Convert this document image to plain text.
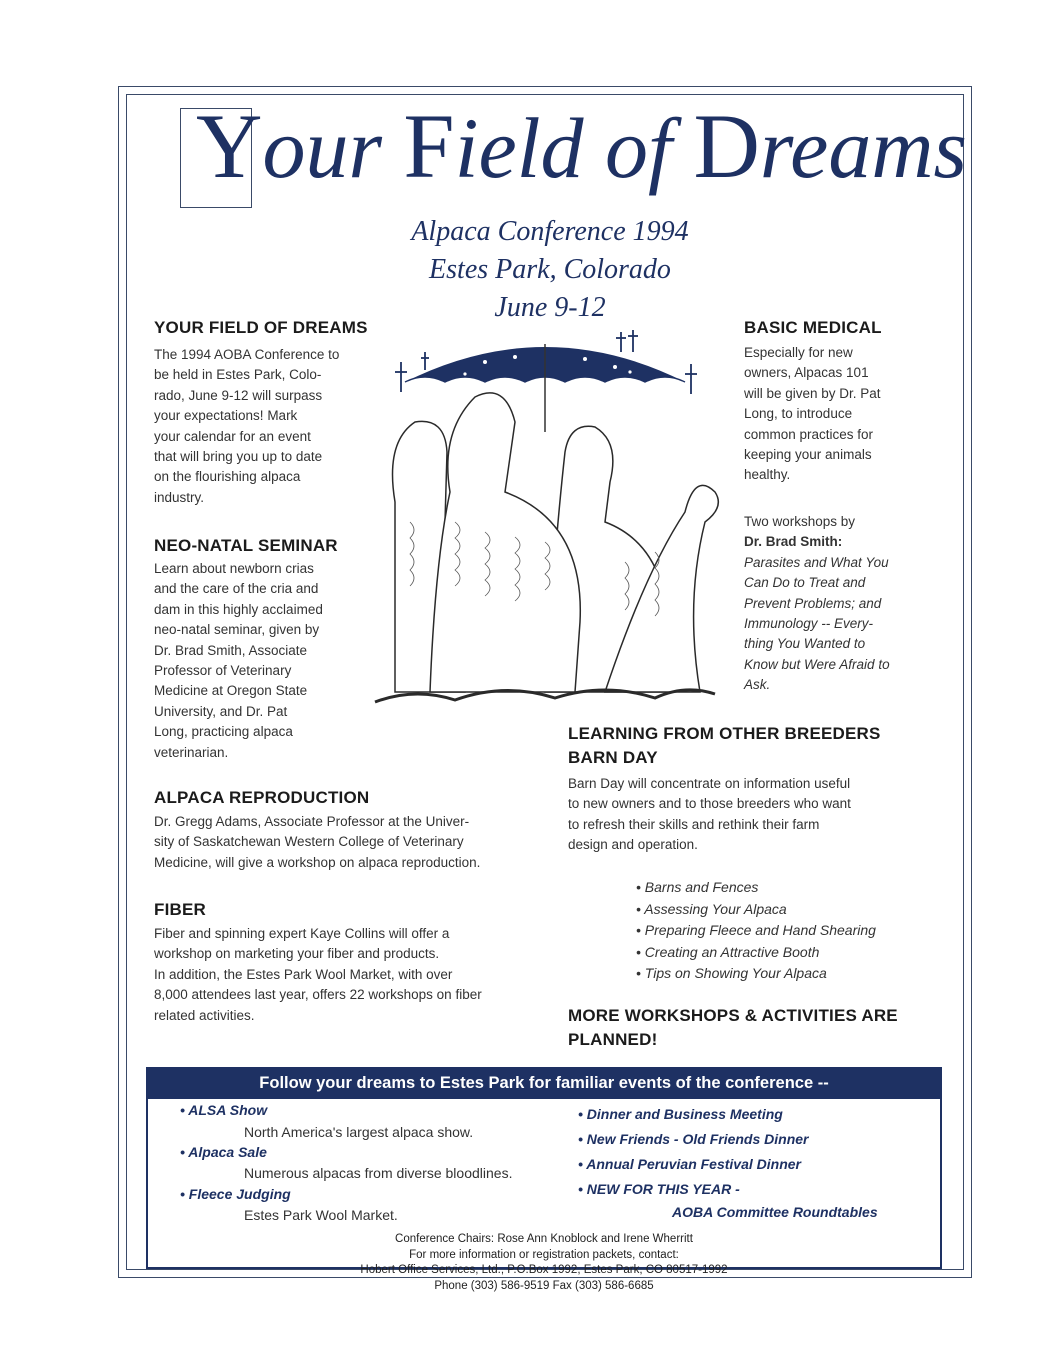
Your Field of Dreams
Alpaca Conference 1994
Estes Park, Colorado
June 9-12
YOUR FIELD OF DREAMS
The 1994 AOBA Conference to
be held in Estes Park, Colo-
rado, June 9-12 will surpass
your expectations! Mark
your calendar for an event
that will bring you up to date
on the flourishing alpaca
industry.
NEO-NATAL SEMINAR
Learn about newborn crias
and the care of the cria and
dam in this highly acclaimed
neo-natal seminar, given by
Dr. Brad Smith, Associate
Professor of Veterinary
Medicine at Oregon State
University, and Dr. Pat
Long, practicing alpaca
veterinarian.
ALPACA REPRODUCTION
Dr. Gregg Adams, Associate Professor at the Univer-
sity of Saskatchewan Western College of Veterinary
Medicine, will give a workshop on alpaca reproduction.
FIBER
Fiber and spinning expert Kaye Collins will offer a
workshop on marketing your fiber and products.
In addition, the Estes Park Wool Market, with over
8,000 attendees last year, offers 22 workshops on fiber
related activities.
BASIC MEDICAL
Especially for new
owners, Alpacas 101
will be given by Dr. Pat
Long, to introduce
common practices for
keeping your animals
healthy.
Two workshops by
Dr. Brad Smith:
Parasites and What You
Can Do to Treat and
Prevent Problems; and
Immunology -- Every-
thing You Wanted to
Know but Were Afraid to
Ask.
LEARNING FROM OTHER BREEDERS
BARN DAY
Barn Day will concentrate on information useful
to new owners and to those breeders who want
to refresh their skills and rethink their farm
design and operation.
• Barns and Fences
• Assessing Your Alpaca
• Preparing Fleece and Hand Shearing
• Creating an Attractive Booth
• Tips on Showing Your Alpaca
MORE WORKSHOPS & ACTIVITIES ARE
PLANNED!
Follow your dreams to Estes Park for familiar events of the conference --
• ALSA Show
North America's largest alpaca show.
• Alpaca Sale
Numerous alpacas from diverse bloodlines.
• Fleece Judging
Estes Park Wool Market.
• Dinner and Business Meeting
• New Friends - Old Friends Dinner
• Annual Peruvian Festival Dinner
• NEW FOR THIS YEAR -
AOBA Committee Roundtables
Conference Chairs: Rose Ann Knoblock and Irene Wherritt
For more information or registration packets, contact:
Hobert Office Services, Ltd., P.O.Box 1992, Estes Park, CO 80517-1992
Phone (303) 586-9519 Fax (303) 586-6685
